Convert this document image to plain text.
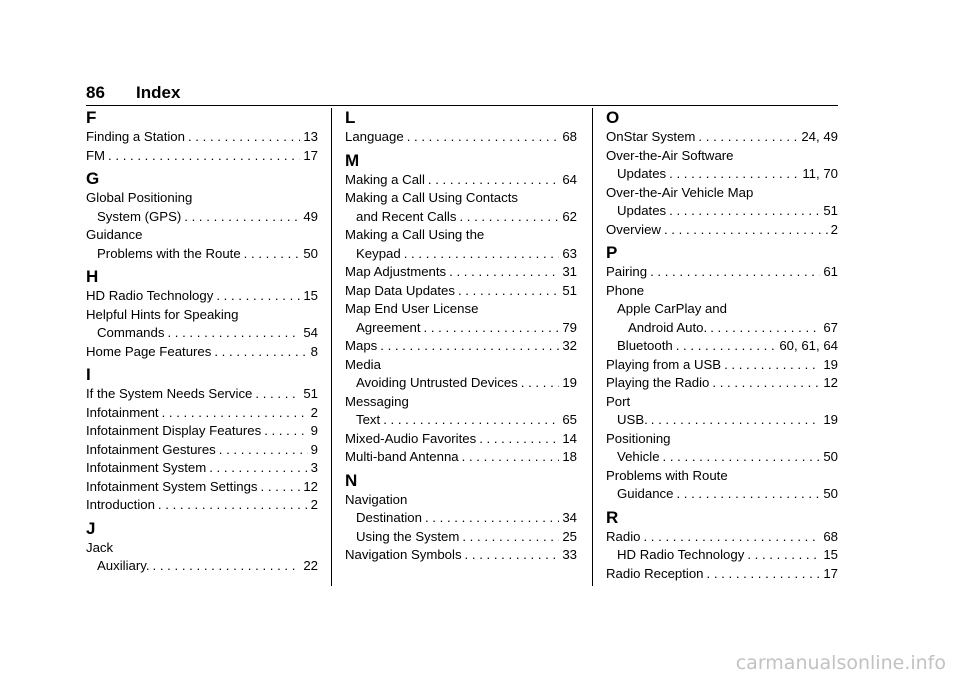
86 Index
F
Finding a Station . . .	13
FM . . .	17
G
Global Positioning
System (GPS) . . .	49
Guidance
Problems with the Route . . .	50
H
HD Radio Technology . . .	15
Helpful Hints for Speaking
Commands . . .	54
Home Page Features . . .	8
I
If the System Needs Service . . .	51
Infotainment . . .	2
Infotainment Display Features . . .	9
Infotainment Gestures . . .	9
Infotainment System . . .	3
Infotainment System Settings . . .	12
Introduction . . .	2
J
Jack
Auxiliary. . . .	22
L
Language . . .	68
M
Making a Call . . .	64
Making a Call Using Contacts
and Recent Calls . . .	62
Making a Call Using the
Keypad . . .	63
Map Adjustments . . .	31
Map Data Updates . . .	51
Map End User License
Agreement . . .	79
Maps . . .	32
Media
Avoiding Untrusted Devices . . .	19
Messaging
Text . . .	65
Mixed-Audio Favorites . . .	14
Multi-band Antenna . . .	18
N
Navigation
Destination . . .	34
Using the System . . .	25
Navigation Symbols . . .	33
O
OnStar System . . .	24, 49
Over-the-Air Software
Updates . . .	11, 70
Over-the-Air Vehicle Map
Updates . . .	51
Overview . . .	2
P
Pairing . . .	61
Phone
Apple CarPlay and
Android Auto. . . .	67
Bluetooth . . .	60, 61, 64
Playing from a USB . . .	19
Playing the Radio . . .	12
Port
USB. . . .	19
Positioning
Vehicle . . .	50
Problems with Route
Guidance . . .	50
R
Radio . . .	68
HD Radio Technology . . .	15
Radio Reception . . .	17
carmanualsonline.info
